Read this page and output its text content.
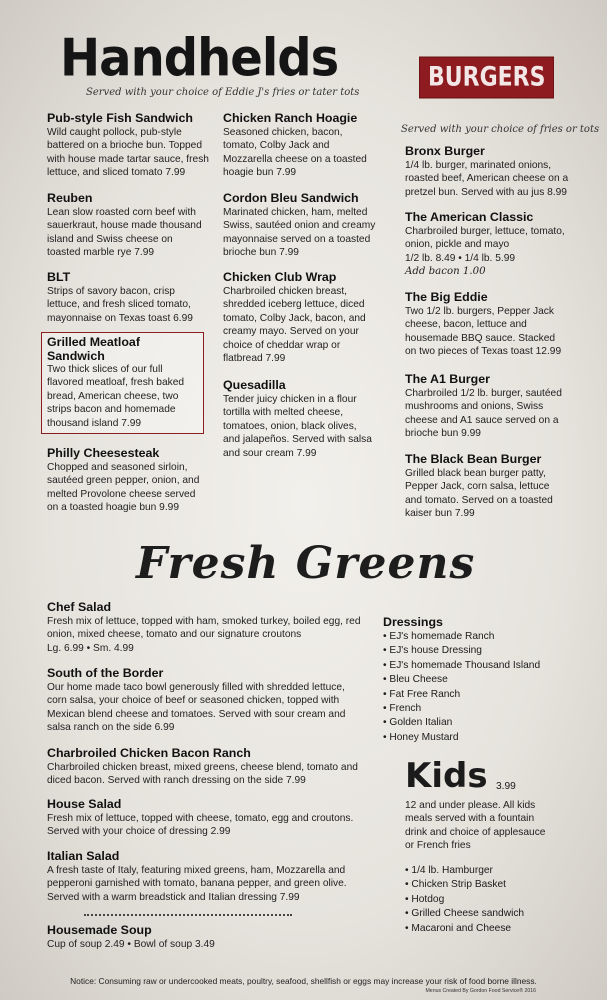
Handhelds
Served with your choice of Eddie J's fries or tater tots
Pub-style Fish Sandwich
Wild caught pollock, pub-style battered on a brioche bun. Topped with house made tartar sauce, fresh lettuce, and sliced tomato 7.99
Reuben
Lean slow roasted corn beef with sauerkraut, house made thousand island and Swiss cheese on toasted marble rye 7.99
BLT
Strips of savory bacon, crisp lettuce, and fresh sliced tomato, mayonnaise on Texas toast 6.99
Grilled Meatloaf Sandwich
Two thick slices of our full flavored meatloaf, fresh baked bread, American cheese, two strips bacon and homemade thousand island 7.99
Philly Cheesesteak
Chopped and seasoned sirloin, sautéed green pepper, onion, and melted Provolone cheese served on a toasted hoagie bun 9.99
Chicken Ranch Hoagie
Seasoned chicken, bacon, tomato, Colby Jack and Mozzarella cheese on a toasted hoagie bun 7.99
Cordon Bleu Sandwich
Marinated chicken, ham, melted Swiss, sautéed onion and creamy mayonnaise served on a toasted brioche bun 7.99
Chicken Club Wrap
Charbroiled chicken breast, shredded iceberg lettuce, diced tomato, Colby Jack, bacon, and creamy mayo. Served on your choice of cheddar wrap or flatbread 7.99
Quesadilla
Tender juicy chicken in a flour tortilla with melted cheese, tomatoes, onion, black olives, and jalapeños. Served with salsa and sour cream 7.99
BURGERS
Served with your choice of fries or tots
Bronx Burger
1/4 lb. burger, marinated onions, roasted beef, American cheese on a pretzel bun. Served with au jus 8.99
The American Classic
Charbroiled burger, lettuce, tomato, onion, pickle and mayo
1/2 lb. 8.49 • 1/4 lb. 5.99
Add bacon 1.00
The Big Eddie
Two 1/2 lb. burgers, Pepper Jack cheese, bacon, lettuce and housemade BBQ sauce. Stacked on two pieces of Texas toast 12.99
The A1 Burger
Charbroiled 1/2 lb. burger, sautéed mushrooms and onions, Swiss cheese and A1 sauce served on a brioche bun 9.99
The Black Bean Burger
Grilled black bean burger patty, Pepper Jack, corn salsa, lettuce and tomato. Served on a toasted kaiser bun 7.99
Fresh Greens
Chef Salad
Fresh mix of lettuce, topped with ham, smoked turkey, boiled egg, red onion, mixed cheese, tomato and our signature croutons
Lg. 6.99 • Sm. 4.99
South of the Border
Our home made taco bowl generously filled with shredded lettuce, corn salsa, your choice of beef or seasoned chicken, topped with Mexican blend cheese and tomatoes. Served with sour cream and salsa ranch on the side 6.99
Charbroiled Chicken Bacon Ranch
Charbroiled chicken breast, mixed greens, cheese blend, tomato and diced bacon. Served with ranch dressing on the side 7.99
House Salad
Fresh mix of lettuce, topped with cheese, tomato, egg and croutons. Served with your choice of dressing 2.99
Italian Salad
A fresh taste of Italy, featuring mixed greens, ham, Mozzarella and pepperoni garnished with tomato, banana pepper, and green olive. Served with a warm breadstick and Italian dressing 7.99
Housemade Soup
Cup of soup 2.49 • Bowl of soup 3.49
Dressings
• EJ's homemade Ranch
• EJ's house Dressing
• EJ's homemade Thousand Island
• Bleu Cheese
• Fat Free Ranch
• French
• Golden Italian
• Honey Mustard
Kids 3.99
12 and under please. All kids meals served with a fountain drink and choice of applesauce or French fries
• 1/4 lb. Hamburger
• Chicken Strip Basket
• Hotdog
• Grilled Cheese sandwich
• Macaroni and Cheese
Notice: Consuming raw or undercooked meats, poultry, seafood, shellfish or eggs may increase your risk of food borne illness.
Menus Created By Gordon Food Service® 2016
